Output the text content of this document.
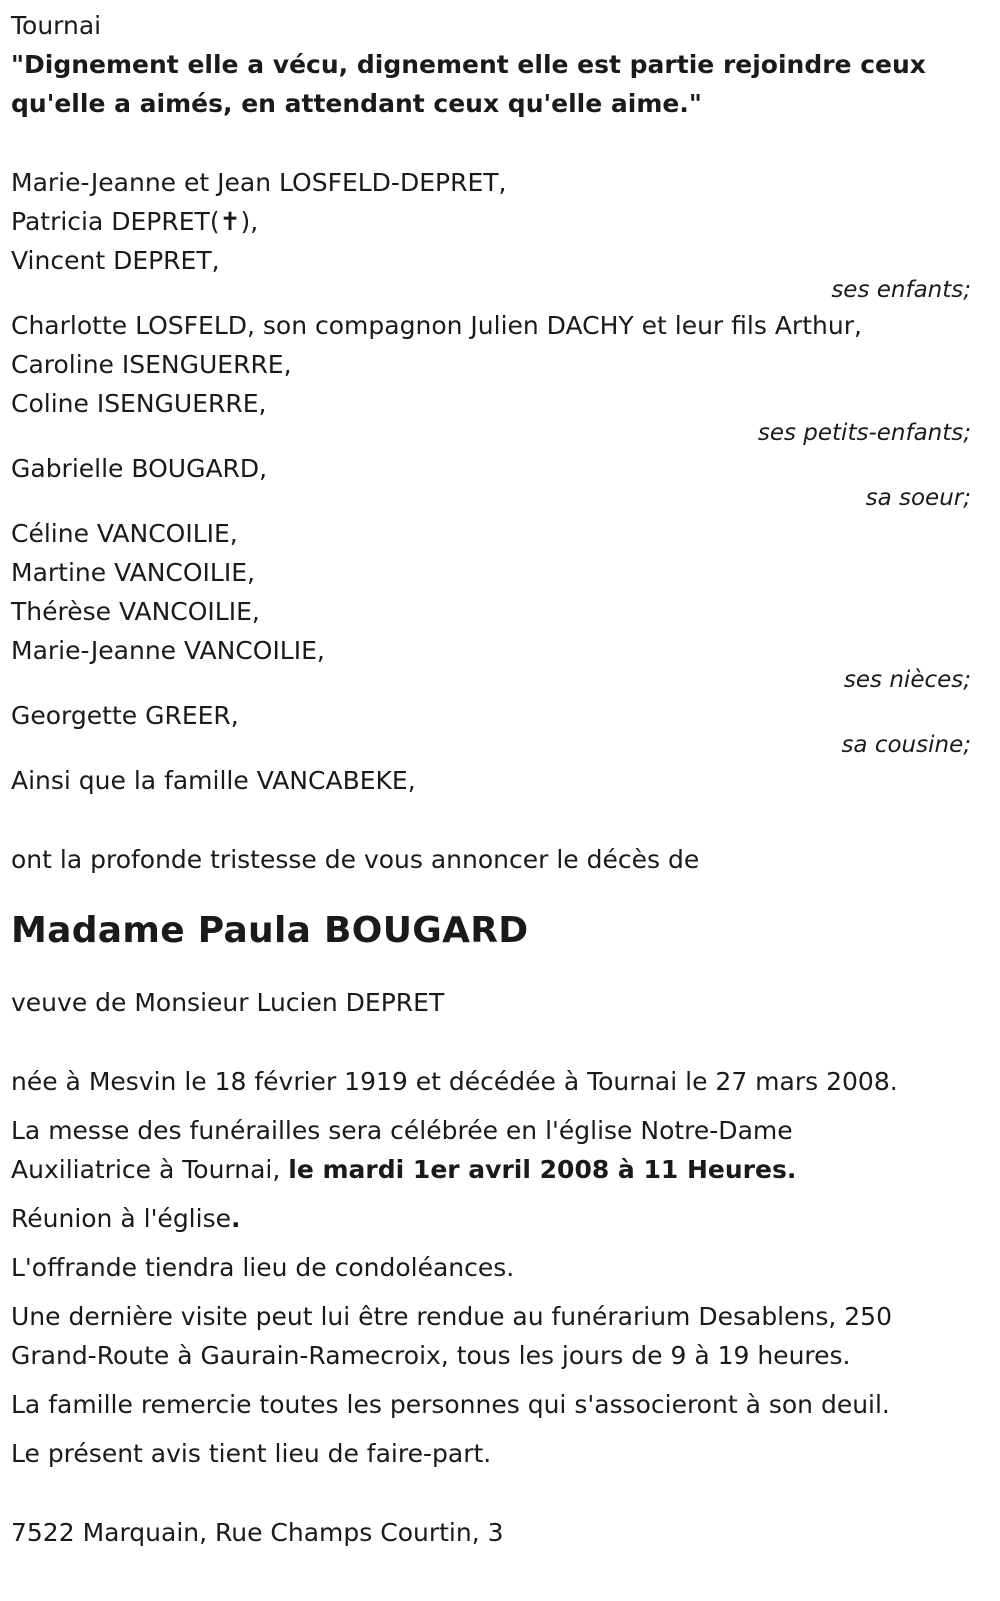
Tournai
"Dignement elle a vécu, dignement elle est partie rejoindre ceux
qu'elle a aimés, en attendant ceux qu'elle aime."
Marie-Jeanne et Jean LOSFELD-DEPRET,
Patricia DEPRET(✝),
Vincent DEPRET,
ses enfants;
Charlotte LOSFELD, son compagnon Julien DACHY et leur fils Arthur,
Caroline ISENGUERRE,
Coline ISENGUERRE,
ses petits-enfants;
Gabrielle BOUGARD,
sa soeur;
Céline VANCOILIE,
Martine VANCOILIE,
Thérèse VANCOILIE,
Marie-Jeanne VANCOILIE,
ses nièces;
Georgette GREER,
sa cousine;
Ainsi que la famille VANCABEKE,
ont la profonde tristesse de vous annoncer le décès de
Madame Paula BOUGARD
veuve de Monsieur Lucien DEPRET
née à Mesvin le 18 février 1919 et décédée à Tournai le 27 mars 2008.
La messe des funérailles sera célébrée en l'église Notre-Dame
Auxiliatrice à Tournai, le mardi 1er avril 2008 à 11 Heures.
Réunion à l'église.
L'offrande tiendra lieu de condoléances.
Une dernière visite peut lui être rendue au funérarium Desablens, 250
Grand-Route à Gaurain-Ramecroix, tous les jours de 9 à 19 heures.
La famille remercie toutes les personnes qui s'associeront à son deuil.
Le présent avis tient lieu de faire-part.
7522 Marquain, Rue Champs Courtin, 3
